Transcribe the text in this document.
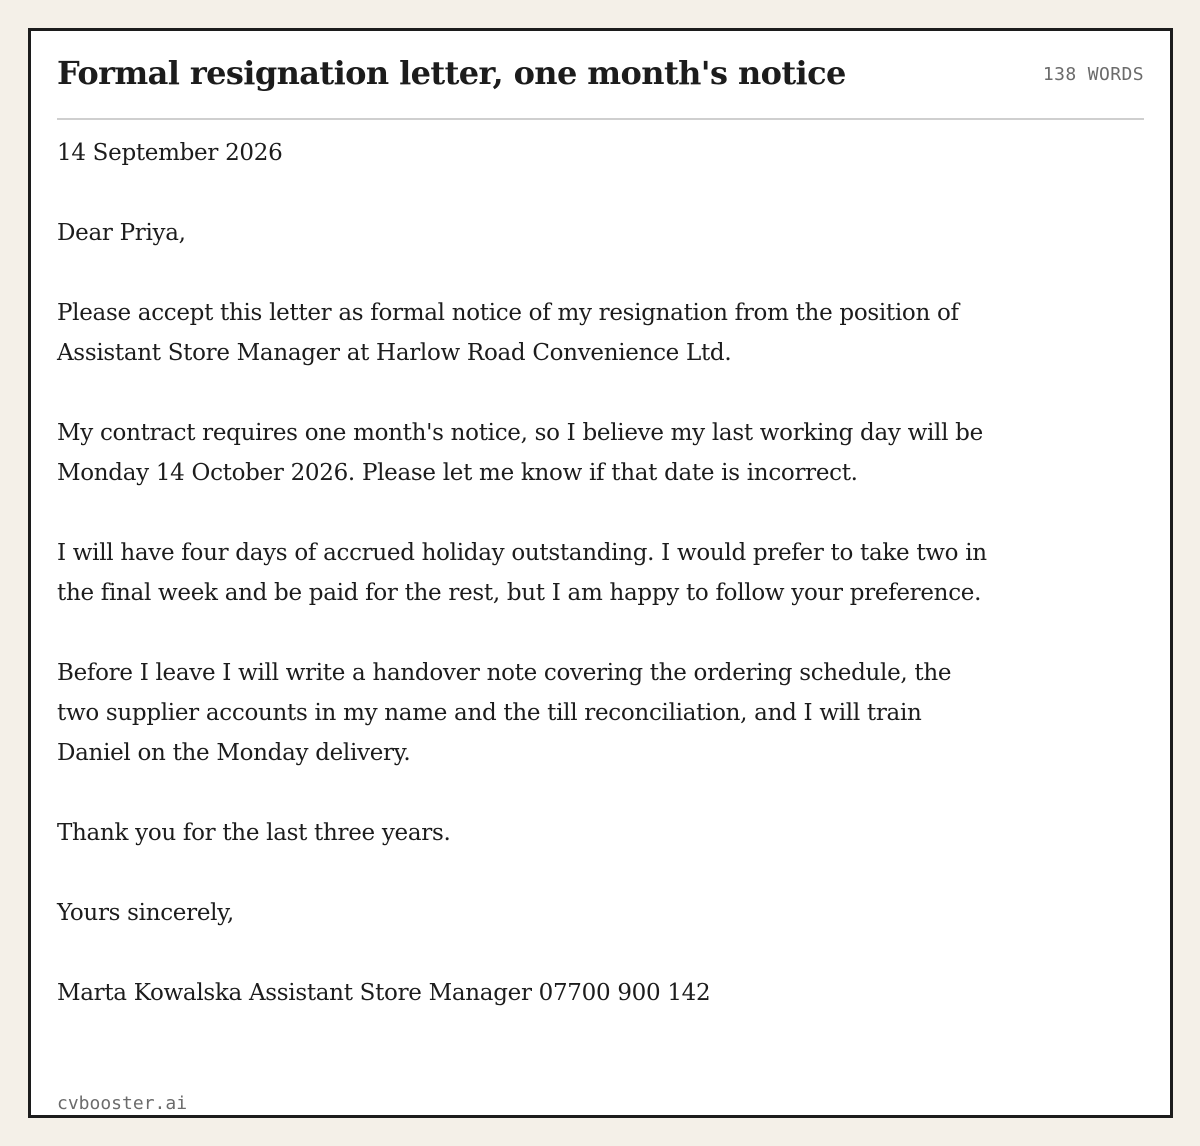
Formal resignation letter, one month's notice	138 WORDS

14 September 2026

Dear Priya,

Please accept this letter as formal notice of my resignation from the position of Assistant Store Manager at Harlow Road Convenience Ltd.

My contract requires one month's notice, so I believe my last working day will be Monday 14 October 2026. Please let me know if that date is incorrect.

I will have four days of accrued holiday outstanding. I would prefer to take two in the final week and be paid for the rest, but I am happy to follow your preference.

Before I leave I will write a handover note covering the ordering schedule, the two supplier accounts in my name and the till reconciliation, and I will train Daniel on the Monday delivery.

Thank you for the last three years.

Yours sincerely,

Marta Kowalska Assistant Store Manager 07700 900 142

cvbooster.ai
